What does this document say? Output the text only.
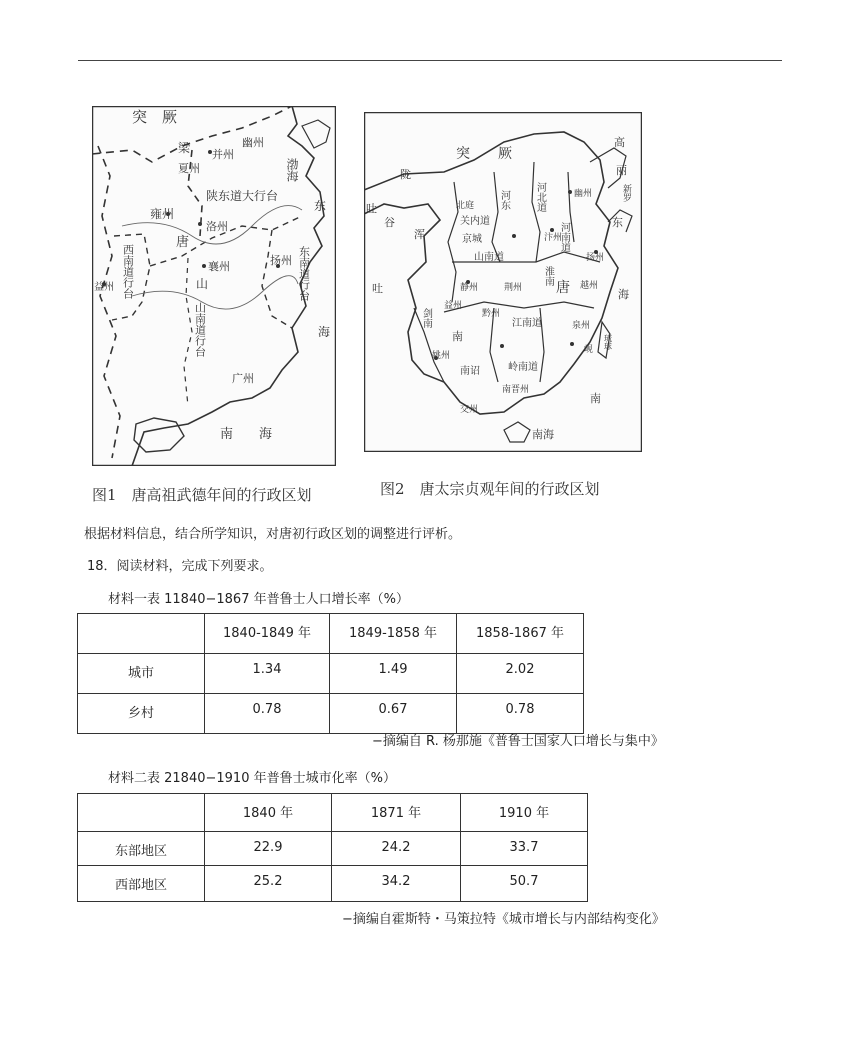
突　厥
幽州
梁
夏州
并州
陕东道大行台
渤海
东
雍州
唐
洛州
西南道行台
益州
襄州	东南道行台
扬州
山
山南道行台	海
广州
南　　海
图1　唐高祖武德年间的行政区划
突　　厥
高
丽
新罗
陇
吐
谷
浑
吐
北庭
关内道
河北道
河东
河南道
京城
幽州
汴州
扬州
东
山南道
荆州
淮南
静州
剑南
益州
黔州
江南道
唐 越州
海
南
姚州
南诏	岭南道
泉州
琉球
南晋州
交州
南
南海
岘
图2　唐太宗贞观年间的行政区划
根据材料信息，结合所学知识，对唐初行政区划的调整进行评析。
18．阅读材料，完成下列要求。
材料一表 11840−1867 年普鲁士人口增长率（%）
	1840-1849 年	1849-1858 年	1858-1867 年
城市	1.34	1.49	2.02
乡村	0.78	0.67	0.78
−摘编自 R. 杨那施《普鲁士国家人口增长与集中》
材料二表 21840−1910 年普鲁士城市化率（%）
	1840 年	1871 年	1910 年
东部地区	22.9	24.2	33.7
西部地区	25.2	34.2	50.7
−摘编自霍斯特・马策拉特《城市增长与内部结构变化》
